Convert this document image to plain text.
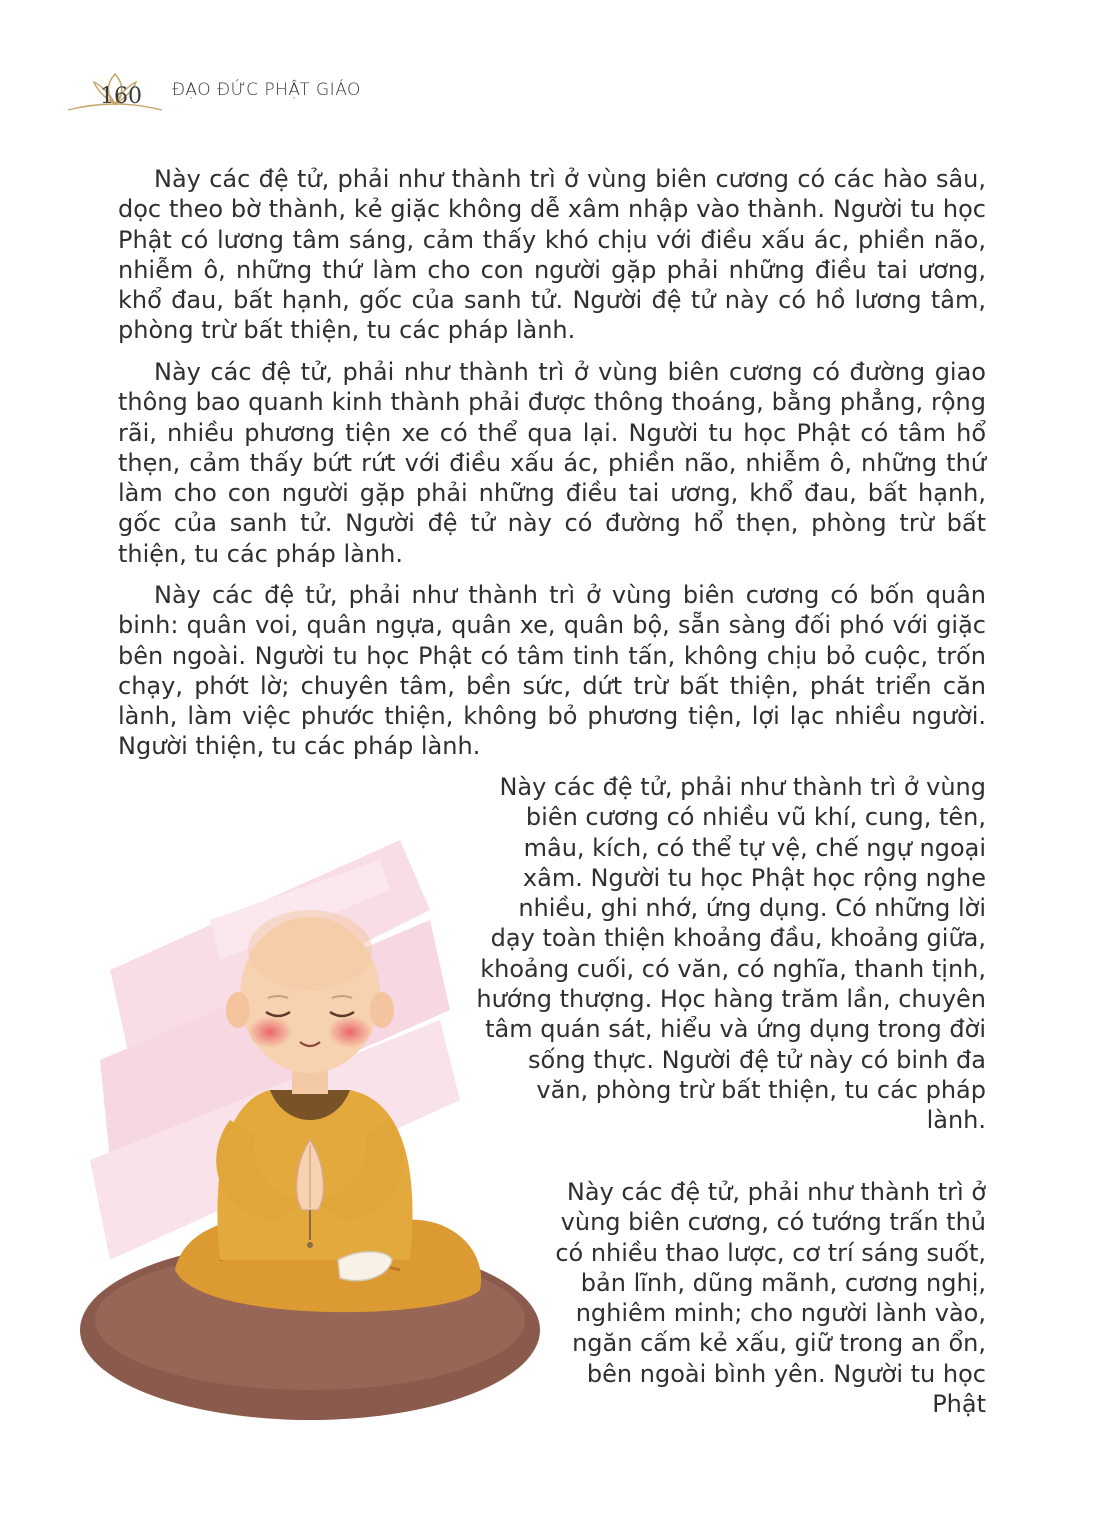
160 ĐẠO ĐỨC PHẬT GIÁO

Này các đệ tử, phải như thành trì ở vùng biên cương có các hào sâu, dọc theo bờ thành, kẻ giặc không dễ xâm nhập vào thành. Người tu học Phật có lương tâm sáng, cảm thấy khó chịu với điều xấu ác, phiền não, nhiễm ô, những thứ làm cho con người gặp phải những điều tai ương, khổ đau, bất hạnh, gốc của sanh tử. Người đệ tử này có hồ lương tâm, phòng trừ bất thiện, tu các pháp lành.

Này các đệ tử, phải như thành trì ở vùng biên cương có đường giao thông bao quanh kinh thành phải được thông thoáng, bằng phẳng, rộng rãi, nhiều phương tiện xe có thể qua lại. Người tu học Phật có tâm hổ thẹn, cảm thấy bứt rứt với điều xấu ác, phiền não, nhiễm ô, những thứ làm cho con người gặp phải những điều tai ương, khổ đau, bất hạnh, gốc của sanh tử. Người đệ tử này có đường hổ thẹn, phòng trừ bất thiện, tu các pháp lành.

Này các đệ tử, phải như thành trì ở vùng biên cương có bốn quân binh: quân voi, quân ngựa, quân xe, quân bộ, sẵn sàng đối phó với giặc bên ngoài. Người tu học Phật có tâm tinh tấn, không chịu bỏ cuộc, trốn chạy, phớt lờ; chuyên tâm, bền sức, dứt trừ bất thiện, phát triển căn lành, làm việc phước thiện, không bỏ phương tiện, lợi lạc nhiều người. Người thiện, tu các pháp lành.

Này các đệ tử, phải như thành trì ở vùng biên cương có nhiều vũ khí, cung, tên, mâu, kích, có thể tự vệ, chế ngự ngoại xâm. Người tu học Phật học rộng nghe nhiều, ghi nhớ, ứng dụng. Có những lời dạy toàn thiện khoảng đầu, khoảng giữa, khoảng cuối, có văn, có nghĩa, thanh tịnh, hướng thượng. Học hàng trăm lần, chuyên tâm quán sát, hiểu và ứng dụng trong đời sống thực. Người đệ tử này có binh đa văn, phòng trừ bất thiện, tu các pháp lành.

Này các đệ tử, phải như thành trì ở vùng biên cương, có tướng trấn thủ có nhiều thao lược, cơ trí sáng suốt, bản lĩnh, dũng mãnh, cương nghị, nghiêm minh; cho người lành vào, ngăn cấm kẻ xấu, giữ trong an ổn, bên ngoài bình yên. Người tu học Phật
